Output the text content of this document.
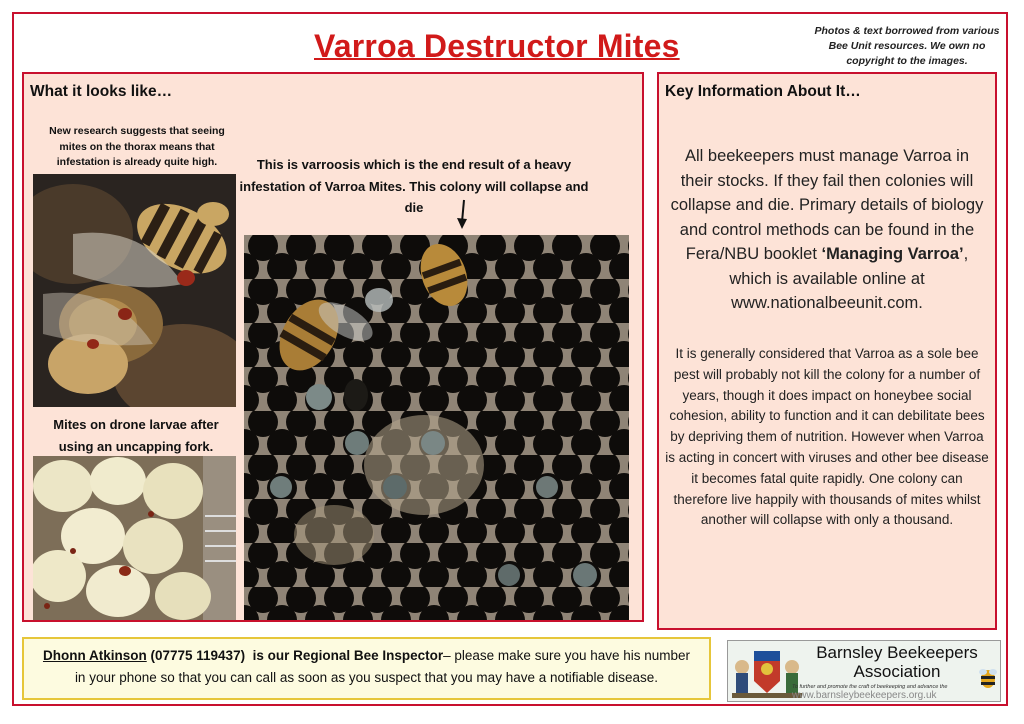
Varroa Destructor Mites	Photos & text borrowed from various Bee Unit resources. We own no copyright to the images.
What it looks like…
New research suggests that seeing mites on the thorax means that infestation is already quite high.	This is varroosis which is the end result of a heavy infestation of Varroa Mites. This colony will collapse and die
Mites on drone larvae after using an uncapping fork.
Key Information About It…
All beekeepers must manage Varroa in their stocks. If they fail then colonies will collapse and die. Primary details of biology and control methods can be found in the Fera/NBU booklet ‘Managing Varroa’, which is available online at www.nationalbeeunit.com.
It is generally considered that Varroa as a sole bee pest will probably not kill the colony for a number of years, though it does impact on honeybee social cohesion, ability to function and it can debilitate bees by depriving them of nutrition. However when Varroa is acting in concert with viruses and other bee disease it becomes fatal quite rapidly. One colony can therefore live happily with thousands of mites whilst another will collapse with only a thousand.
Dhonn Atkinson (07775 119437) is our Regional Bee Inspector– please make sure you have his number
in your phone so that you can call as soon as you suspect that you may have a notifiable disease.
Barnsley Beekeepers
Association
To further and promote the craft of beekeeping and advance the
www.barnsleybeekeepers.org.uk
